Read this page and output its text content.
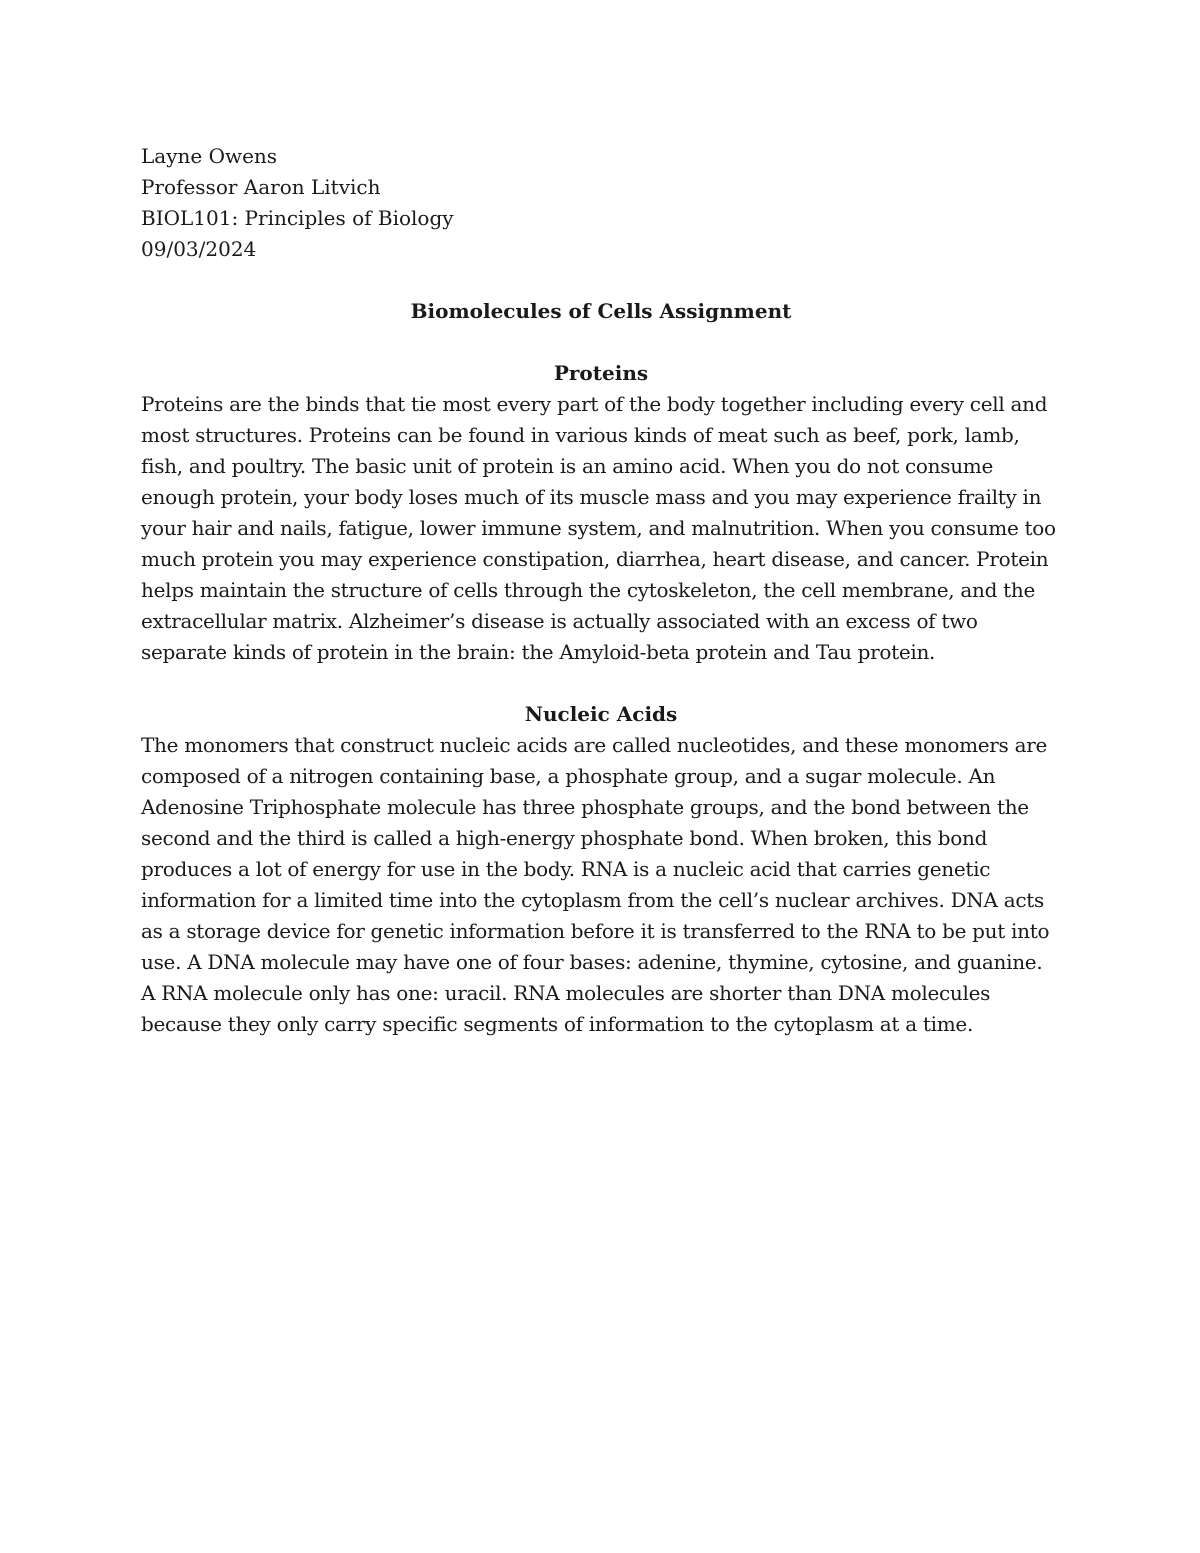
Layne Owens
Professor Aaron Litvich
BIOL101: Principles of Biology
09/03/2024
Biomolecules of Cells Assignment
Proteins

Proteins are the binds that tie most every part of the body together including every cell and most structures. Proteins can be found in various kinds of meat such as beef, pork, lamb, fish, and poultry. The basic unit of protein is an amino acid. When you do not consume enough protein, your body loses much of its muscle mass and you may experience frailty in your hair and nails, fatigue, lower immune system, and malnutrition. When you consume too much protein you may experience constipation, diarrhea, heart disease, and cancer. Protein helps maintain the structure of cells through the cytoskeleton, the cell membrane, and the extracellular matrix. Alzheimer’s disease is actually associated with an excess of two separate kinds of protein in the brain: the Amyloid-beta protein and Tau protein.

Nucleic Acids

The monomers that construct nucleic acids are called nucleotides, and these monomers are composed of a nitrogen containing base, a phosphate group, and a sugar molecule. An Adenosine Triphosphate molecule has three phosphate groups, and the bond between the second and the third is called a high-energy phosphate bond. When broken, this bond produces a lot of energy for use in the body. RNA is a nucleic acid that carries genetic information for a limited time into the cytoplasm from the cell’s nuclear archives. DNA acts as a storage device for genetic information before it is transferred to the RNA to be put into use. A DNA molecule may have one of four bases: adenine, thymine, cytosine, and guanine. A RNA molecule only has one: uracil. RNA molecules are shorter than DNA molecules because they only carry specific segments of information to the cytoplasm at a time.
